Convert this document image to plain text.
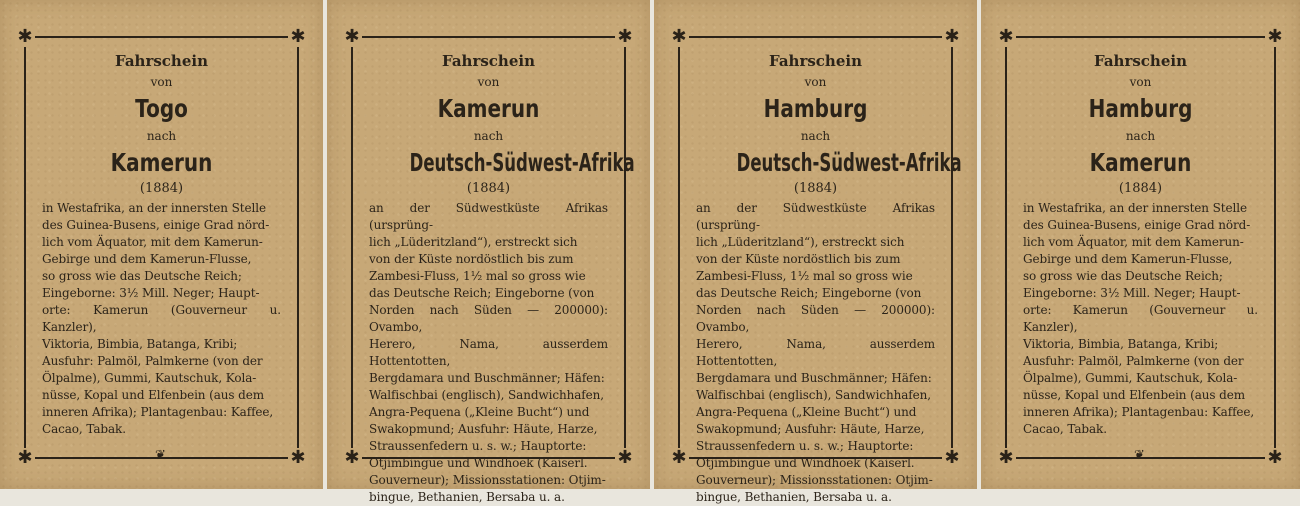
✱	✱
✱	✱

Fahrschein

von

Togo

nach

Kamerun

(1884)

in Westafrika, an der innersten Stelle
des Guinea-Busens, einige Grad nörd-
lich vom Äquator, mit dem Kamerun-
Gebirge und dem Kamerun-Flusse,
so gross wie das Deutsche Reich;
Eingeborne: 3½ Mill. Neger; Haupt-
orte: Kamerun (Gouverneur u. Kanzler),
Viktoria, Bimbia, Batanga, Kribi;
Ausfuhr: Palmöl, Palmkerne (von der
Ölpalme), Gummi, Kautschuk, Kola-
nüsse, Kopal und Elfenbein (aus dem
inneren Afrika); Plantagenbau: Kaffee,
Cacao, Tabak.

❦
✱	✱
✱	✱

Fahrschein

von

Kamerun

nach

Deutsch-Südwest-Afrika

(1884)

an der Südwestküste Afrikas (ursprüng-
lich „Lüderitzland“), erstreckt sich
von der Küste nordöstlich bis zum
Zambesi-Fluss, 1½ mal so gross wie
das Deutsche Reich; Eingeborne (von
Norden nach Süden — 200000): Ovambo,
Herero, Nama, ausserdem Hottentotten,
Bergdamara und Buschmänner; Häfen:
Walfischbai (englisch), Sandwichhafen,
Angra-Pequena („Kleine Bucht“) und
Swakopmund; Ausfuhr: Häute, Harze,
Straussenfedern u. s. w.; Hauptorte:
Otjimbingue und Windhoek (Kaiserl.
Gouverneur); Missionsstationen: Otjim-
bingue, Bethanien, Bersaba u. a.

✱	✱
✱	✱

Fahrschein

von

Hamburg

nach

Deutsch-Südwest-Afrika

(1884)

an der Südwestküste Afrikas (ursprüng-
lich „Lüderitzland“), erstreckt sich
von der Küste nordöstlich bis zum
Zambesi-Fluss, 1½ mal so gross wie
das Deutsche Reich; Eingeborne (von
Norden nach Süden — 200000): Ovambo,
Herero, Nama, ausserdem Hottentotten,
Bergdamara und Buschmänner; Häfen:
Walfischbai (englisch), Sandwichhafen,
Angra-Pequena („Kleine Bucht“) und
Swakopmund; Ausfuhr: Häute, Harze,
Straussenfedern u. s. w.; Hauptorte:
Otjimbingue und Windhoek (Kaiserl.
Gouverneur); Missionsstationen: Otjim-
bingue, Bethanien, Bersaba u. a.

✱	✱
✱	✱

Fahrschein

von

Hamburg

nach

Kamerun

(1884)

in Westafrika, an der innersten Stelle
des Guinea-Busens, einige Grad nörd-
lich vom Äquator, mit dem Kamerun-
Gebirge und dem Kamerun-Flusse,
so gross wie das Deutsche Reich;
Eingeborne: 3½ Mill. Neger; Haupt-
orte: Kamerun (Gouverneur u. Kanzler),
Viktoria, Bimbia, Batanga, Kribi;
Ausfuhr: Palmöl, Palmkerne (von der
Ölpalme), Gummi, Kautschuk, Kola-
nüsse, Kopal und Elfenbein (aus dem
inneren Afrika); Plantagenbau: Kaffee,
Cacao, Tabak.

❦
